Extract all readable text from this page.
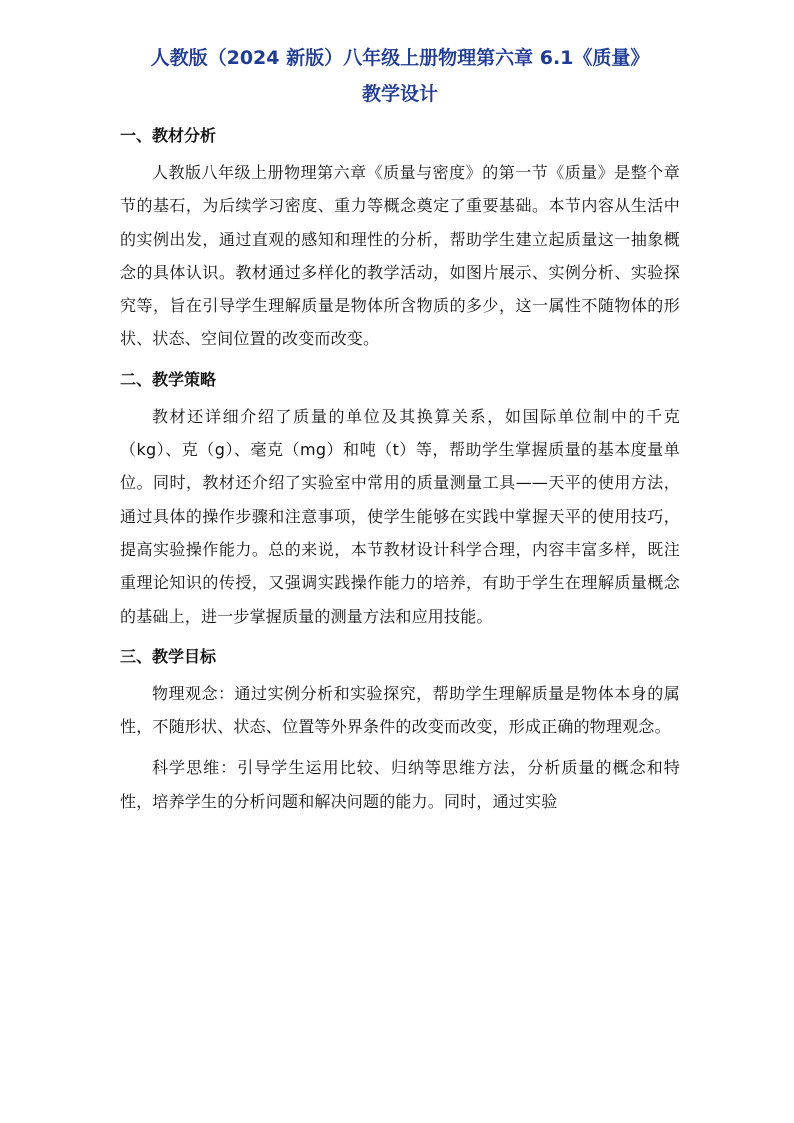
人教版（2024 新版）八年级上册物理第六章 6.1《质量》
教学设计
一、教材分析

人教版八年级上册物理第六章《质量与密度》的第一节《质量》是整个章节的基石，为后续学习密度、重力等概念奠定了重要基础。本节内容从生活中的实例出发，通过直观的感知和理性的分析，帮助学生建立起质量这一抽象概念的具体认识。教材通过多样化的教学活动，如图片展示、实例分析、实验探究等，旨在引导学生理解质量是物体所含物质的多少，这一属性不随物体的形状、状态、空间位置的改变而改变。

二、教学策略

教材还详细介绍了质量的单位及其换算关系，如国际单位制中的千克（kg）、克（g）、毫克（mg）和吨（t）等，帮助学生掌握质量的基本度量单位。同时，教材还介绍了实验室中常用的质量测量工具——天平的使用方法，通过具体的操作步骤和注意事项，使学生能够在实践中掌握天平的使用技巧，提高实验操作能力。总的来说，本节教材设计科学合理，内容丰富多样，既注重理论知识的传授，又强调实践操作能力的培养，有助于学生在理解质量概念的基础上，进一步掌握质量的测量方法和应用技能。

三、教学目标

物理观念：通过实例分析和实验探究，帮助学生理解质量是物体本身的属性，不随形状、状态、位置等外界条件的改变而改变，形成正确的物理观念。

科学思维：引导学生运用比较、归纳等思维方法，分析质量的概念和特性，培养学生的分析问题和解决问题的能力。同时，通过实验
